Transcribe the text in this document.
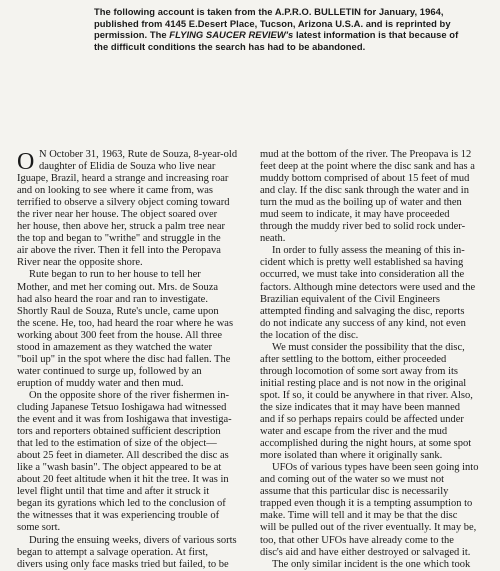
The following account is taken from the A.P.R.O. BULLETIN for January, 1964,
published from 4145 E.Desert Place, Tucson, Arizona U.S.A. and is reprinted by
permission. The FLYING SAUCER REVIEW's latest information is that because of
the difficult conditions the search has had to be abandoned.
O N October 31, 1963, Rute de Souza, 8-year-old
daughter of Elidia de Souza who live near
Iguape, Brazil, heard a strange and increasing roar
and on looking to see where it came from, was
terrified to observe a silvery object coming toward
the river near her house. The object soared over
her house, then above her, struck a palm tree near
the top and began to "writhe" and struggle in the
air above the river. Then it fell into the Peropava
River near the opposite shore.
Rute began to run to her house to tell her
Mother, and met her coming out. Mrs. de Souza
had also heard the roar and ran to investigate.
Shortly Raul de Souza, Rute's uncle, came upon
the scene. He, too, had heard the roar where he was
working about 300 feet from the house. All three
stood in amazement as they watched the water
"boil up" in the spot where the disc had fallen. The
water continued to surge up, followed by an
eruption of muddy water and then mud.
On the opposite shore of the river fishermen in-
cluding Japanese Tetsuo Ioshigawa had witnessed
the event and it was from Ioshigawa that investiga-
tors and reporters obtained sufficient description
that led to the estimation of size of the object—
about 25 feet in diameter. All described the disc as
like a "wash basin". The object appeared to be at
about 20 feet altitude when it hit the tree. It was in
level flight until that time and after it struck it
began its gyrations which led to the conclusion of
the witnesses that it was experiencing trouble of
some sort.
During the ensuing weeks, divers of various sorts
began to attempt a salvage operation. At first,
divers using only face masks tried but failed, to be
mud at the bottom of the river. The Preopava is 12
feet deep at the point where the disc sank and has a
muddy bottom comprised of about 15 feet of mud
and clay. If the disc sank through the water and in
turn the mud as the boiling up of water and then
mud seem to indicate, it may have proceeded
through the muddy river bed to solid rock under-
neath.
In order to fully assess the meaning of this in-
cident which is pretty well established sa having
occurred, we must take into consideration all the
factors. Although mine detectors were used and the
Brazilian equivalent of the Civil Engineers
attempted finding and salvaging the disc, reports
do not indicate any success of any kind, not even
the location of the disc.
We must consider the possibility that the disc,
after settling to the bottom, either proceeded
through locomotion of some sort away from its
initial resting place and is not now in the original
spot. If so, it could be anywhere in that river. Also,
the size indicates that it may have been manned
and if so perhaps repairs could be affected under
water and escape from the river and the mud
accomplished during the night hours, at some spot
more isolated than where it originally sank.
UFOs of various types have been seen going into
and coming out of the water so we must not
assume that this particular disc is necessarily
trapped even though it is a tempting assumption to
make. Time will tell and it may be that the disc
will be pulled out of the river eventually. It may be,
too, that other UFOs have already come to the
disc's aid and have either destroyed or salvaged it.
The only similar incident is the one which took
